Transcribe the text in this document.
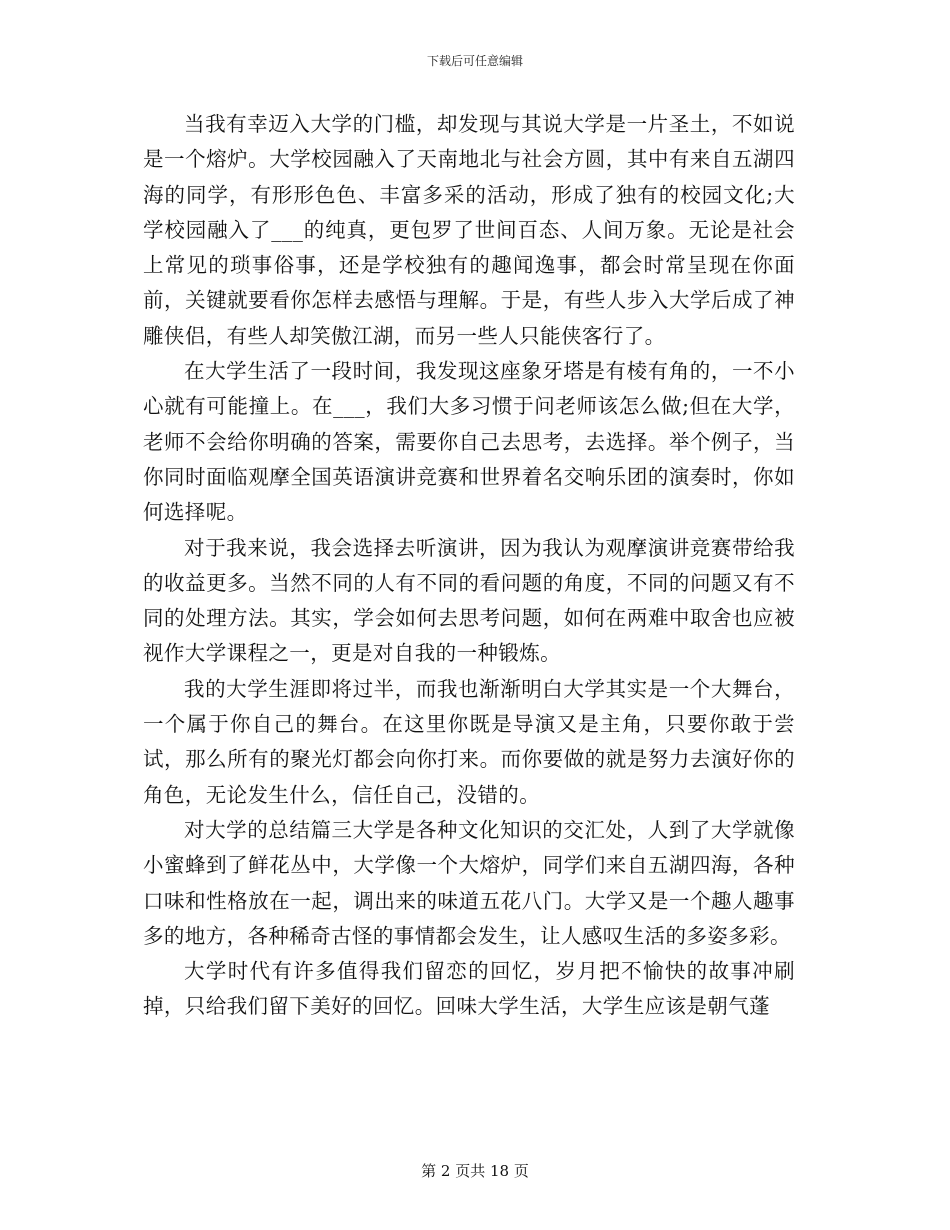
下载后可任意编辑

当我有幸迈入大学的门槛，却发现与其说大学是一片圣土，不如说是一个熔炉。大学校园融入了天南地北与社会方圆，其中有来自五湖四海的同学，有形形色色、丰富多采的活动，形成了独有的校园文化;大学校园融入了___的纯真，更包罗了世间百态、人间万象。无论是社会上常见的琐事俗事，还是学校独有的趣闻逸事，都会时常呈现在你面前，关键就要看你怎样去感悟与理解。于是，有些人步入大学后成了神雕侠侣，有些人却笑傲江湖，而另一些人只能侠客行了。

在大学生活了一段时间，我发现这座象牙塔是有棱有角的，一不小心就有可能撞上。在___，我们大多习惯于问老师该怎么做;但在大学，老师不会给你明确的答案，需要你自己去思考，去选择。举个例子，当你同时面临观摩全国英语演讲竞赛和世界着名交响乐团的演奏时，你如何选择呢。

对于我来说，我会选择去听演讲，因为我认为观摩演讲竞赛带给我的收益更多。当然不同的人有不同的看问题的角度，不同的问题又有不同的处理方法。其实，学会如何去思考问题，如何在两难中取舍也应被视作大学课程之一，更是对自我的一种锻炼。

我的大学生涯即将过半，而我也渐渐明白大学其实是一个大舞台，一个属于你自己的舞台。在这里你既是导演又是主角，只要你敢于尝试，那么所有的聚光灯都会向你打来。而你要做的就是努力去演好你的角色，无论发生什么，信任自己，没错的。

对大学的总结篇三大学是各种文化知识的交汇处，人到了大学就像小蜜蜂到了鲜花丛中，大学像一个大熔炉，同学们来自五湖四海，各种口味和性格放在一起，调出来的味道五花八门。大学又是一个趣人趣事多的地方，各种稀奇古怪的事情都会发生，让人感叹生活的多姿多彩。

大学时代有许多值得我们留恋的回忆，岁月把不愉快的故事冲刷掉，只给我们留下美好的回忆。回味大学生活，大学生应该是朝气蓬

第 2 页共 18 页
